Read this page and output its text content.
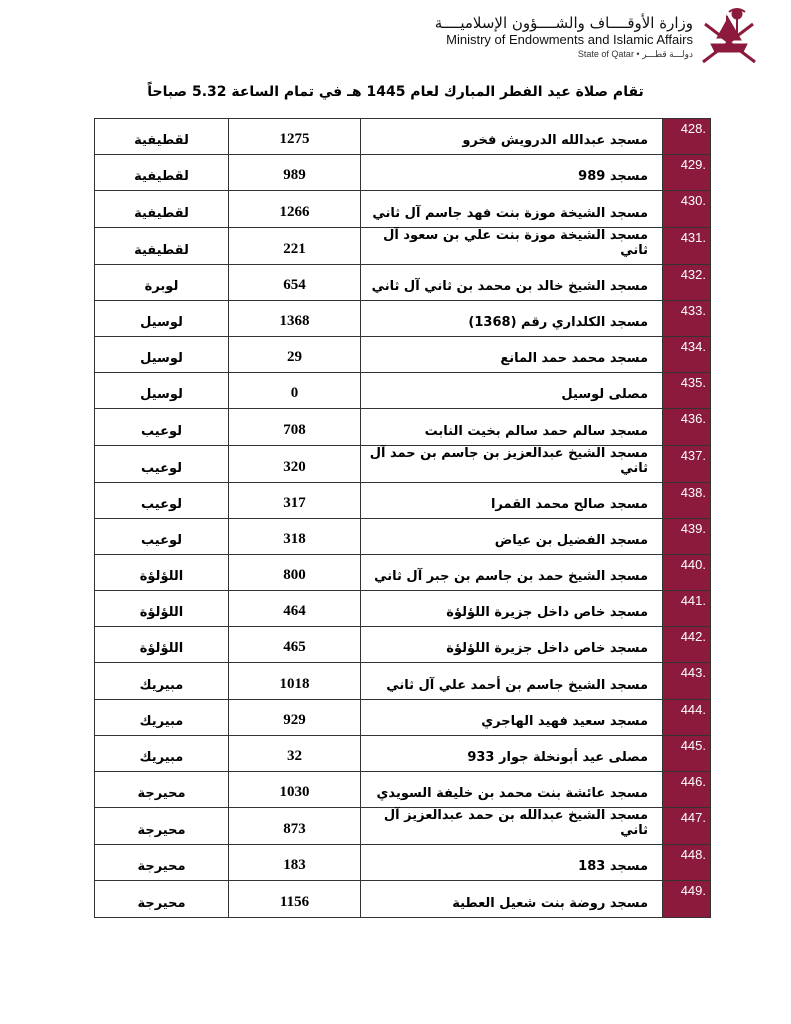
وزارة الأوقــــاف والشــــؤون الإسلاميــــة
Ministry of Endowments and Islamic Affairs
State of Qatar • دولـــة قطـــر
تقام صلاة عيد الفطر المبارك لعام 1445 هـ في تمام الساعة 5.32 صباحاً
428.	مسجد عبدالله الدرويش فخرو	1275	لقطيفية
429.	مسجد 989	989	لقطيفية
430.	مسجد الشيخة موزة بنت فهد جاسم آل ثاني	1266	لقطيفية
431.	مسجد الشيخة موزة بنت علي بن سعود آل ثاني	221	لقطيفية
432.	مسجد الشيخ خالد بن محمد بن ثاني آل ثاني	654	لوبرة
433.	مسجد الكلداري رقم (1368)	1368	لوسيل
434.	مسجد محمد حمد المانع	29	لوسيل
435.	مصلى لوسيل	0	لوسيل
436.	مسجد سالم حمد سالم بخيت النابت	708	لوعيب
437.	مسجد الشيخ عبدالعزيز بن جاسم بن حمد آل ثاني	320	لوعيب
438.	مسجد صالح محمد القمرا	317	لوعيب
439.	مسجد الفضيل بن عياض	318	لوعيب
440.	مسجد الشيخ حمد بن جاسم بن جبر آل ثاني	800	اللؤلؤة
441.	مسجد خاص داخل جزيرة اللؤلؤة	464	اللؤلؤة
442.	مسجد خاص داخل جزيرة اللؤلؤة	465	اللؤلؤة
443.	مسجد الشيخ جاسم بن أحمد علي آل ثاني	1018	مبيريك
444.	مسجد سعيد فهيد الهاجري	929	مبيريك
445.	مصلى عيد أبونخلة جوار 933	32	مبيريك
446.	مسجد عائشة بنت محمد بن خليفة السويدي	1030	محيرجة
447.	مسجد الشيخ عبدالله بن حمد عبدالعزيز آل ثاني	873	محيرجة
448.	مسجد 183	183	محيرجة
449.	مسجد روضة بنت شعيل العطية	1156	محيرجة
